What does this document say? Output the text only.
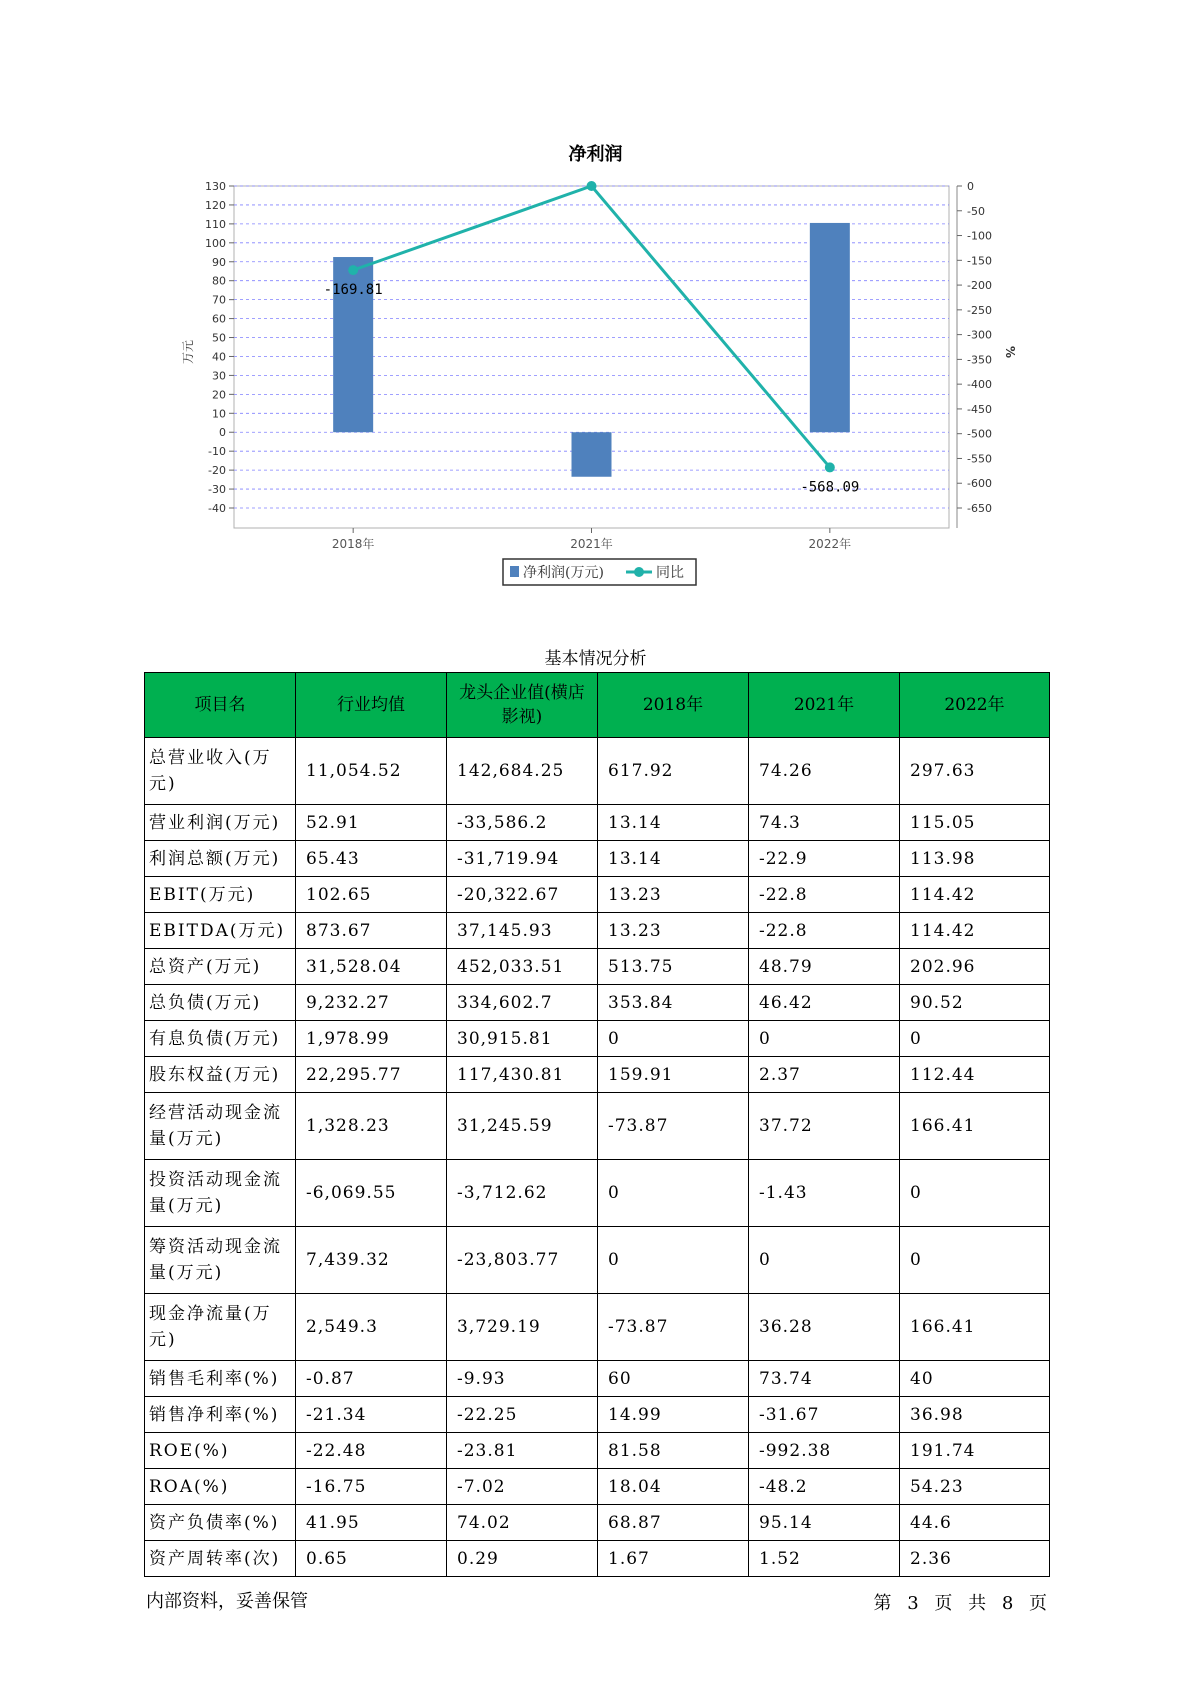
净利润
130
120
110
100
90
80
70
60
50
40
30
20
10
0
-10
-20
-30
-40
0
-50
-100
-150
-200
-250
-300
-350
-400
-450
-500
-550
-600
-650
万元	%
2018年	2021年	2022年
-169.81
-568.09
净利润(万元)	同比
基本情况分析
项目名	行业均值	龙头企业值(横店影视)	2018年	2021年	2022年
总营业收入(万元)	11,054.52	142,684.25	617.92	74.26	297.63
营业利润(万元)	52.91	-33,586.2	13.14	74.3	115.05
利润总额(万元)	65.43	-31,719.94	13.14	-22.9	113.98
EBIT(万元)	102.65	-20,322.67	13.23	-22.8	114.42
EBITDA(万元)	873.67	37,145.93	13.23	-22.8	114.42
总资产(万元)	31,528.04	452,033.51	513.75	48.79	202.96
总负债(万元)	9,232.27	334,602.7	353.84	46.42	90.52
有息负债(万元)	1,978.99	30,915.81	0	0	0
股东权益(万元)	22,295.77	117,430.81	159.91	2.37	112.44
经营活动现金流量(万元)	1,328.23	31,245.59	-73.87	37.72	166.41
投资活动现金流量(万元)	-6,069.55	-3,712.62	0	-1.43	0
筹资活动现金流量(万元)	7,439.32	-23,803.77	0	0	0
现金净流量(万元)	2,549.3	3,729.19	-73.87	36.28	166.41
销售毛利率(%)	-0.87	-9.93	60	73.74	40
销售净利率(%)	-21.34	-22.25	14.99	-31.67	36.98
ROE(%)	-22.48	-23.81	81.58	-992.38	191.74
ROA(%)	-16.75	-7.02	18.04	-48.2	54.23
资产负债率(%)	41.95	74.02	68.87	95.14	44.6
资产周转率(次)	0.65	0.29	1.67	1.52	2.36
内部资料，妥善保管	第 3 页 共 8 页
